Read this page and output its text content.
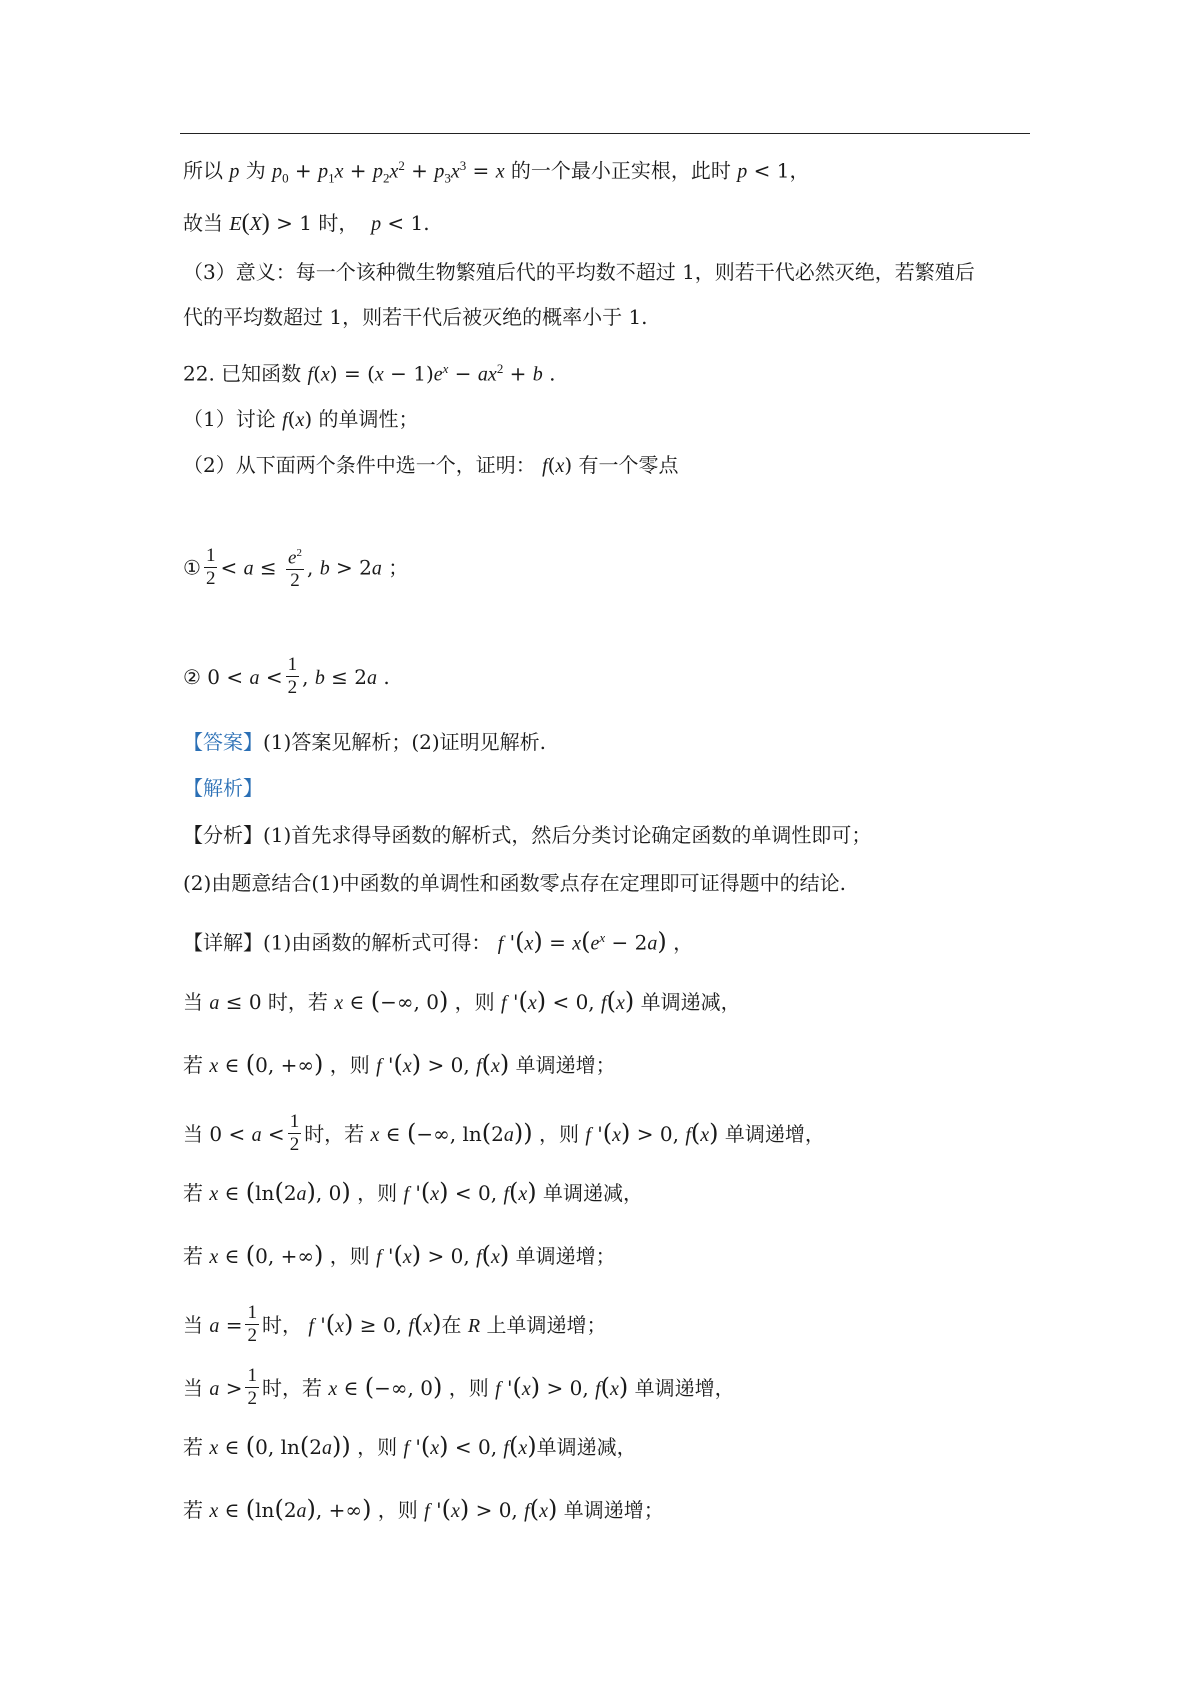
所以 p 为 $p_0 + p_1x + p_2x^2 + p_3x^3 = x$ 的一个最小正实根，此时 p < 1，
故当 E(X) > 1 时，  p < 1.
（3）意义：每一个该种微生物繁殖后代的平均数不超过 1，则若干代必然灭绝，若繁殖后
代的平均数超过 1，则若干代后被灭绝的概率小于 1.
22. 已知函数 $f(x) = (x - 1)e^x - ax^2 + b$ .
（1）讨论 f(x) 的单调性；
（2）从下面两个条件中选一个，证明： f(x) 有一个零点
① $\frac{1}{2} < a \le \frac{e^2}{2}$ , b > 2a ；
② $0 < a < \frac{1}{2}$ , b ≤ 2a .
【答案】(1)答案见解析；(2)证明见解析.
【解析】
【分析】(1)首先求得导函数的解析式，然后分类讨论确定函数的单调性即可；
(2)由题意结合(1)中函数的单调性和函数零点存在定理即可证得题中的结论.
【详解】(1)由函数的解析式可得： f '$(x) = x(e^x - 2a)$ ，
当 a ≤ 0 时，若 x ∈ (−∞, 0) ，则 f '(x) < 0, f(x) 单调递减，
若 x ∈ (0, +∞) ，则 f '(x) > 0, f(x) 单调递增；
当 $0 < a < \frac{1}{2}$ 时，若 x ∈ (−∞, ln(2a)) ，则 f '(x) > 0, f(x) 单调递增，
若 x ∈ (ln(2a), 0) ，则 f '(x) < 0, f(x) 单调递减，
若 x ∈ (0, +∞) ，则 f '(x) > 0, f(x) 单调递增；
当 $a = \frac{1}{2}$ 时， f '(x) ≥ 0, f(x)在 R 上单调递增；
当 $a > \frac{1}{2}$ 时，若 x ∈ (−∞, 0) ，则 f '(x) > 0, f(x) 单调递增，
若 x ∈ (0, ln(2a)) ，则 f '(x) < 0, f(x)单调递减，
若 x ∈ (ln(2a), +∞) ，则 f '(x) > 0, f(x) 单调递增；
